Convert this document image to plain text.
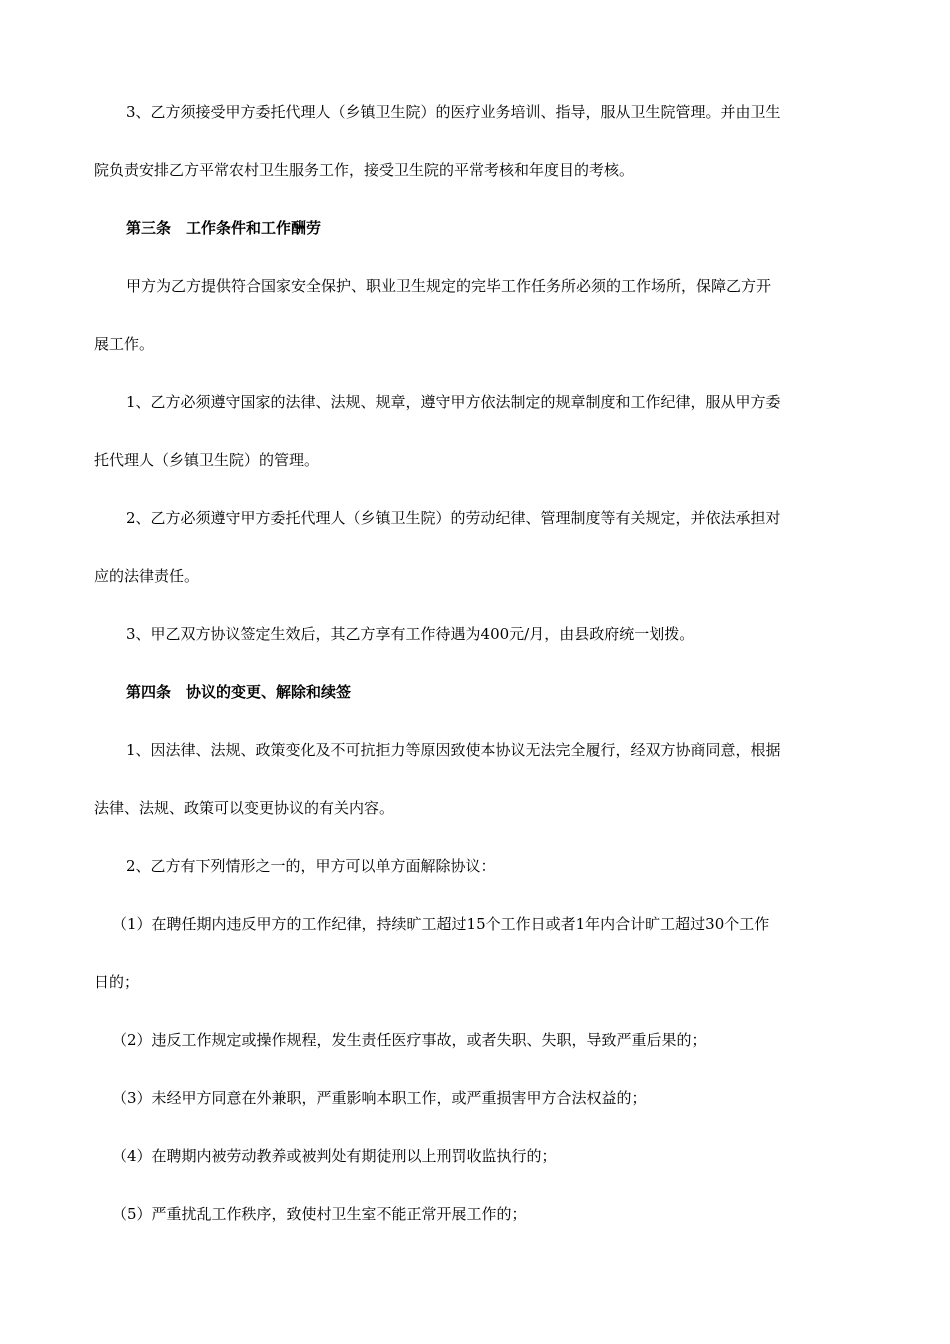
3、乙方须接受甲方委托代理人（乡镇卫生院）的医疗业务培训、指导，服从卫生院管理。并由卫生
院负责安排乙方平常农村卫生服务工作，接受卫生院的平常考核和年度目的考核。
第三条　工作条件和工作酬劳
甲方为乙方提供符合国家安全保护、职业卫生规定的完毕工作任务所必须的工作场所，保障乙方开
展工作。
1、乙方必须遵守国家的法律、法规、规章，遵守甲方依法制定的规章制度和工作纪律，服从甲方委
托代理人（乡镇卫生院）的管理。
2、乙方必须遵守甲方委托代理人（乡镇卫生院）的劳动纪律、管理制度等有关规定，并依法承担对
应的法律责任。
3、甲乙双方协议签定生效后，其乙方享有工作待遇为400元/月，由县政府统一划拨。
第四条　协议的变更、解除和续签
1、因法律、法规、政策变化及不可抗拒力等原因致使本协议无法完全履行，经双方协商同意，根据
法律、法规、政策可以变更协议的有关内容。
2、乙方有下列情形之一的，甲方可以单方面解除协议：
（1）在聘任期内违反甲方的工作纪律，持续旷工超过15个工作日或者1年内合计旷工超过30个工作
日的；
（2）违反工作规定或操作规程，发生责任医疗事故，或者失职、失职，导致严重后果的；
（3）未经甲方同意在外兼职，严重影响本职工作，或严重损害甲方合法权益的；
（4）在聘期内被劳动教养或被判处有期徒刑以上刑罚收监执行的；
（5）严重扰乱工作秩序，致使村卫生室不能正常开展工作的；
